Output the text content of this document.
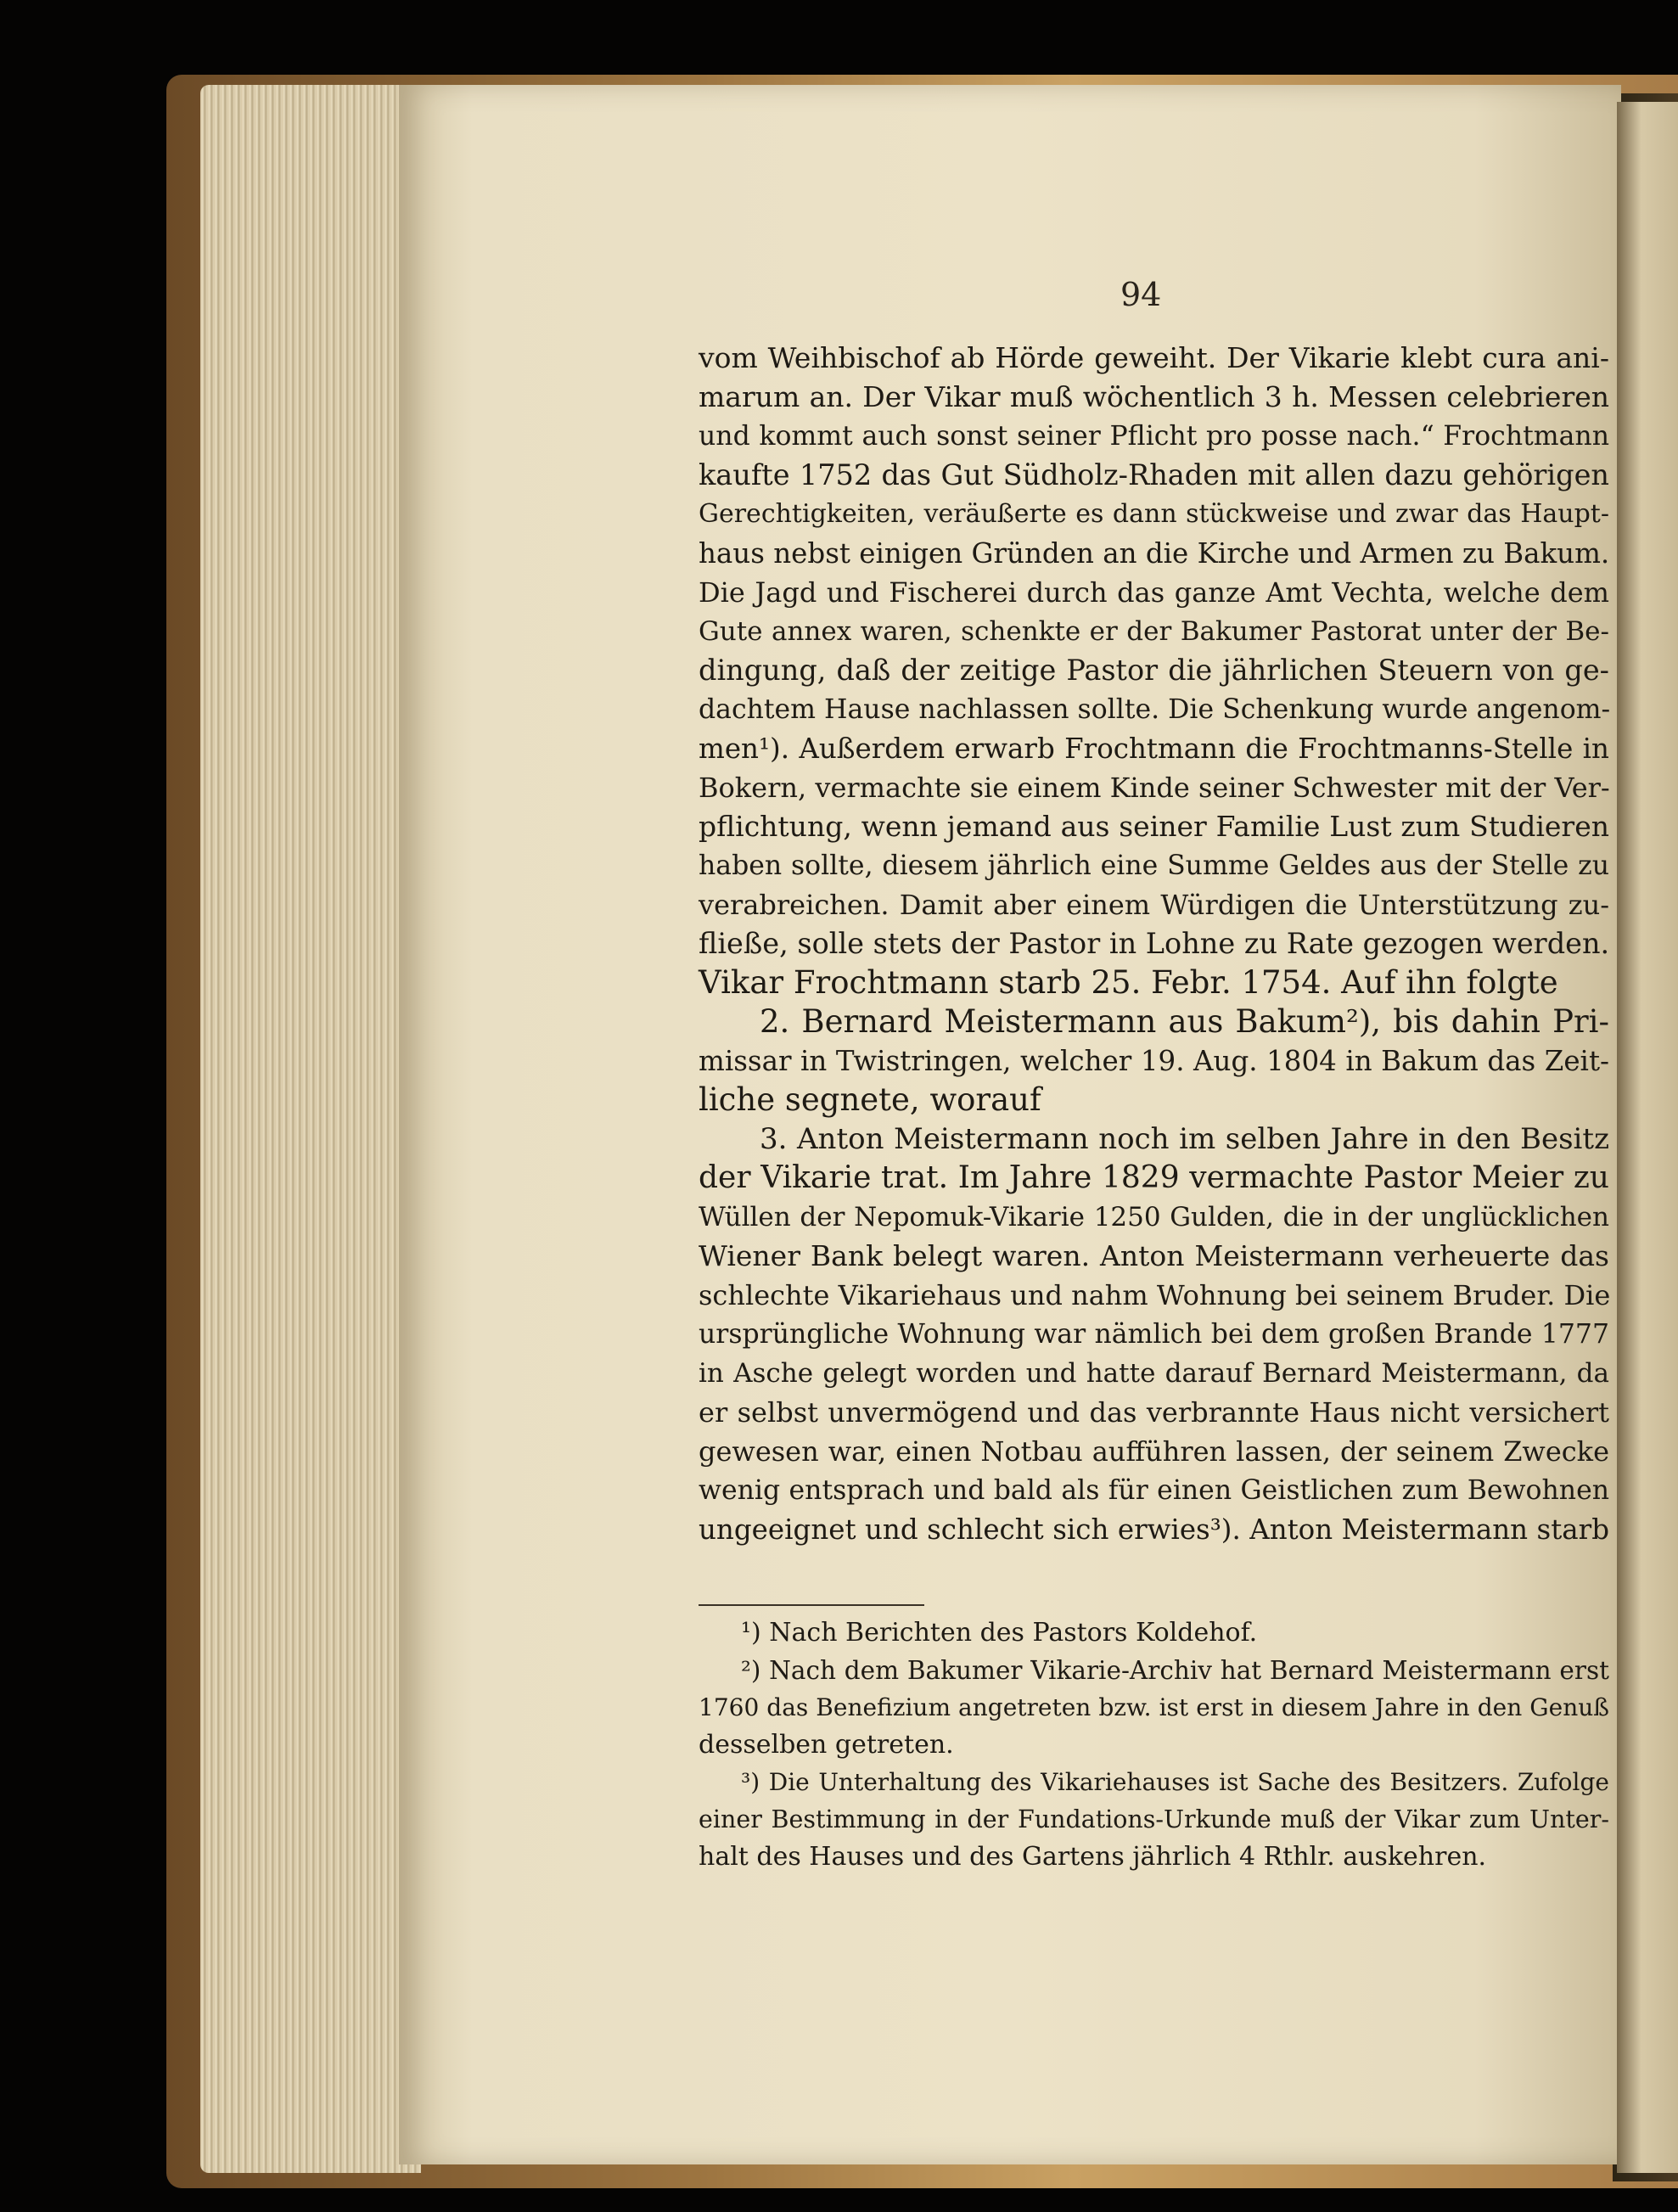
94
vom Weihbischof ab Hörde geweiht. Der Vikarie klebt cura ani-
marum an. Der Vikar muß wöchentlich 3 h. Messen celebrieren
und kommt auch sonst seiner Pflicht pro posse nach.“ Frochtmann
kaufte 1752 das Gut Südholz-Rhaden mit allen dazu gehörigen
Gerechtigkeiten, veräußerte es dann stückweise und zwar das Haupt-
haus nebst einigen Gründen an die Kirche und Armen zu Bakum.
Die Jagd und Fischerei durch das ganze Amt Vechta, welche dem
Gute annex waren, schenkte er der Bakumer Pastorat unter der Be-
dingung, daß der zeitige Pastor die jährlichen Steuern von ge-
dachtem Hause nachlassen sollte. Die Schenkung wurde angenom-
men¹). Außerdem erwarb Frochtmann die Frochtmanns-Stelle in
Bokern, vermachte sie einem Kinde seiner Schwester mit der Ver-
pflichtung, wenn jemand aus seiner Familie Lust zum Studieren
haben sollte, diesem jährlich eine Summe Geldes aus der Stelle zu
verabreichen. Damit aber einem Würdigen die Unterstützung zu-
fließe, solle stets der Pastor in Lohne zu Rate gezogen werden.
Vikar Frochtmann starb 25. Febr. 1754. Auf ihn folgte
2. Bernard Meistermann aus Bakum²), bis dahin Pri-
missar in Twistringen, welcher 19. Aug. 1804 in Bakum das Zeit-
liche segnete, worauf
3. Anton Meistermann noch im selben Jahre in den Besitz
der Vikarie trat. Im Jahre 1829 vermachte Pastor Meier zu
Wüllen der Nepomuk-Vikarie 1250 Gulden, die in der unglücklichen
Wiener Bank belegt waren. Anton Meistermann verheuerte das
schlechte Vikariehaus und nahm Wohnung bei seinem Bruder. Die
ursprüngliche Wohnung war nämlich bei dem großen Brande 1777
in Asche gelegt worden und hatte darauf Bernard Meistermann, da
er selbst unvermögend und das verbrannte Haus nicht versichert
gewesen war, einen Notbau aufführen lassen, der seinem Zwecke
wenig entsprach und bald als für einen Geistlichen zum Bewohnen
ungeeignet und schlecht sich erwies³). Anton Meistermann starb
¹) Nach Berichten des Pastors Koldehof.
²) Nach dem Bakumer Vikarie-Archiv hat Bernard Meistermann erst
1760 das Benefizium angetreten bzw. ist erst in diesem Jahre in den Genuß
desselben getreten.
³) Die Unterhaltung des Vikariehauses ist Sache des Besitzers. Zufolge
einer Bestimmung in der Fundations-Urkunde muß der Vikar zum Unter-
halt des Hauses und des Gartens jährlich 4 Rthlr. auskehren.
